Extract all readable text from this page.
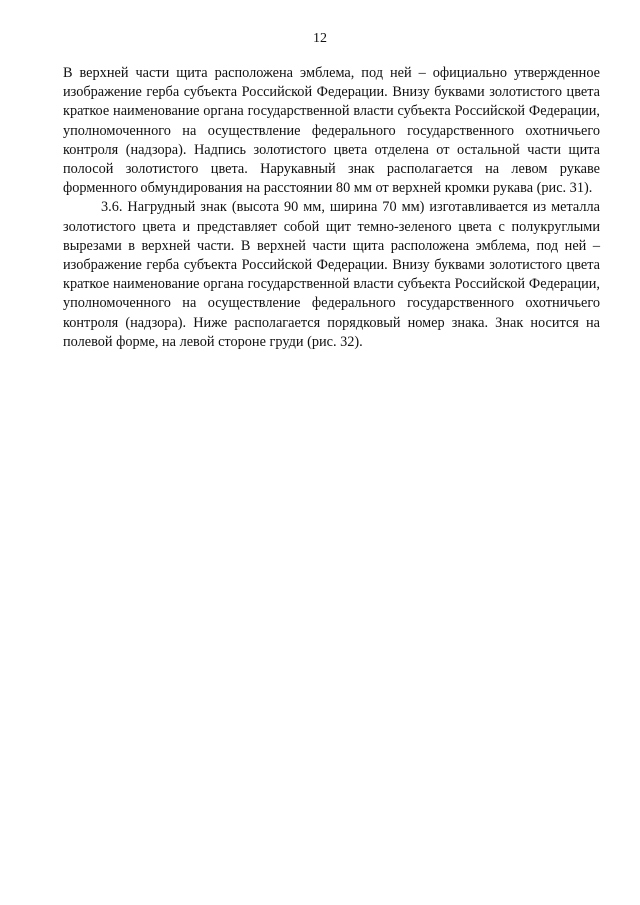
12

В верхней части щита расположена эмблема, под ней – официально утвержденное изображение герба субъекта Российской Федерации. Внизу буквами золотистого цвета краткое наименование органа государственной власти субъекта Российской Федерации, уполномоченного на осуществление федерального государственного охотничьего контроля (надзора). Надпись золотистого цвета отделена от остальной части щита полосой золотистого цвета. Нарукавный знак располагается на левом рукаве форменного обмундирования на расстоянии 80 мм от верхней кромки рукава (рис. 31).

3.6. Нагрудный знак (высота 90 мм, ширина 70 мм) изготавливается из металла золотистого цвета и представляет собой щит темно-зеленого цвета с полукруглыми вырезами в верхней части. В верхней части щита расположена эмблема, под ней – изображение герба субъекта Российской Федерации. Внизу буквами золотистого цвета краткое наименование органа государственной власти субъекта Российской Федерации, уполномоченного на осуществление федерального государственного охотничьего контроля (надзора). Ниже располагается порядковый номер знака. Знак носится на полевой форме, на левой стороне груди (рис. 32).
